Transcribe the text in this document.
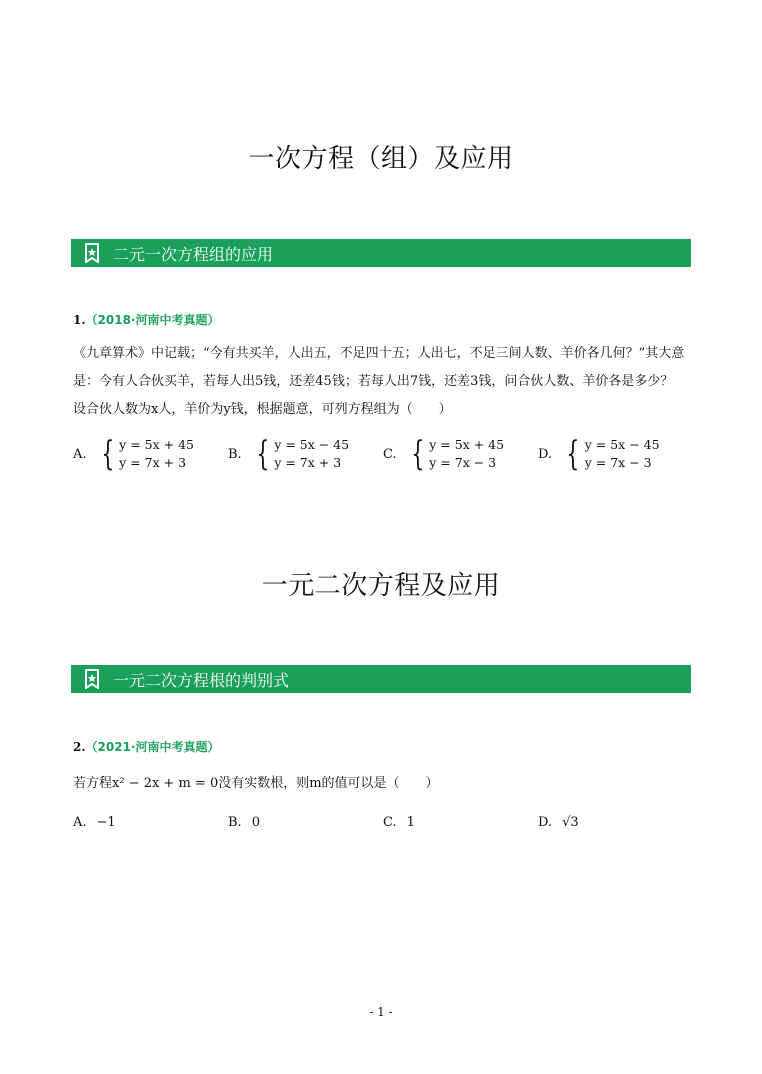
一次方程（组）及应用
二元一次方程组的应用
1.（2018·河南中考真题）
《九章算术》中记载；“今有共买羊，人出五，不足四十五；人出七，不足三间人数、羊价各几何？”其大意
是：今有人合伙买羊，若每人出5钱，还差45钱；若每人出7钱，还差3钱，问合伙人数、羊价各是多少？
设合伙人数为x人，羊价为y钱，根据题意，可列方程组为（　　）
A. { y = 5x + 45
y = 7x + 3
B. { y = 5x − 45
y = 7x + 3
C. { y = 5x + 45
y = 7x − 3
D. { y = 5x − 45
y = 7x − 3
一元二次方程及应用
一元二次方程根的判别式
2.（2021·河南中考真题）
若方程x² − 2x + m = 0没有实数根，则m的值可以是（　　）
A. −1	B. 0	C. 1	D. √3
- 1 -
